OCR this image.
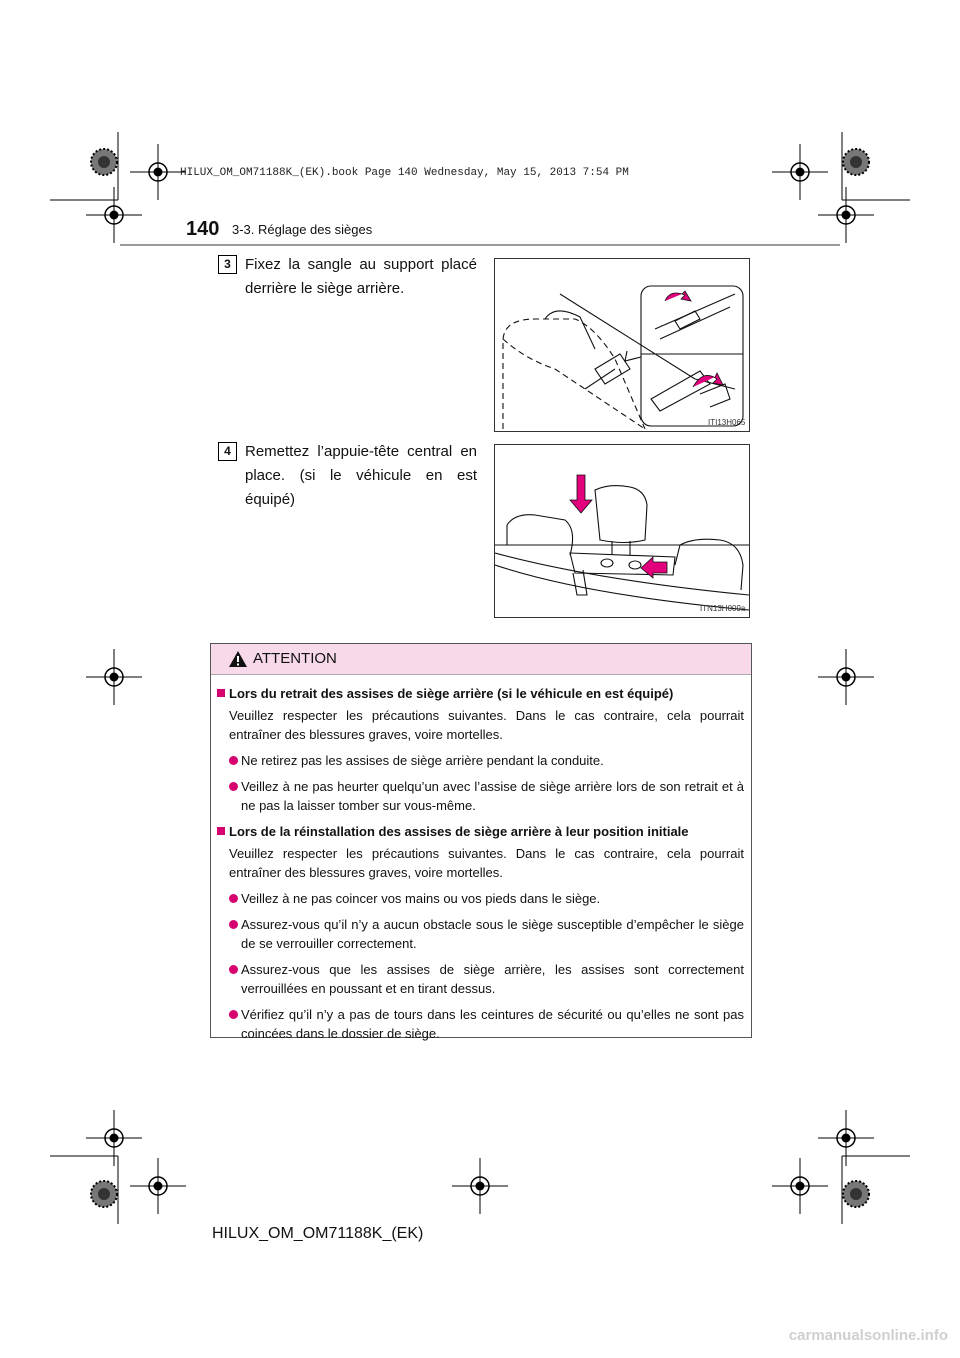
HILUX_OM_OM71188K_(EK).book Page 140 Wednesday, May 15, 2013 7:54 PM
140 3-3. Réglage des sièges
3 Fixez la sangle au support placé derrière le siège arrière.
ITI13H065
4 Remettez l’appuie-tête central en place. (si le véhicule en est équipé)
ITN13H009a
ATTENTION
Lors du retrait des assises de siège arrière (si le véhicule en est équipé)
Veuillez respecter les précautions suivantes. Dans le cas contraire, cela pourrait entraîner des blessures graves, voire mortelles.
Ne retirez pas les assises de siège arrière pendant la conduite.
Veillez à ne pas heurter quelqu’un avec l’assise de siège arrière lors de son retrait et à ne pas la laisser tomber sur vous-même.
Lors de la réinstallation des assises de siège arrière à leur position initiale
Veuillez respecter les précautions suivantes. Dans le cas contraire, cela pourrait entraîner des blessures graves, voire mortelles.
Veillez à ne pas coincer vos mains ou vos pieds dans le siège.
Assurez-vous qu’il n’y a aucun obstacle sous le siège susceptible d’empêcher le siège de se verrouiller correctement.
Assurez-vous que les assises de siège arrière, les assises sont correctement verrouillées en poussant et en tirant dessus.
Vérifiez qu’il n’y a pas de tours dans les ceintures de sécurité ou qu’elles ne sont pas coincées dans le dossier de siège.
HILUX_OM_OM71188K_(EK)
carmanualsonline.info
